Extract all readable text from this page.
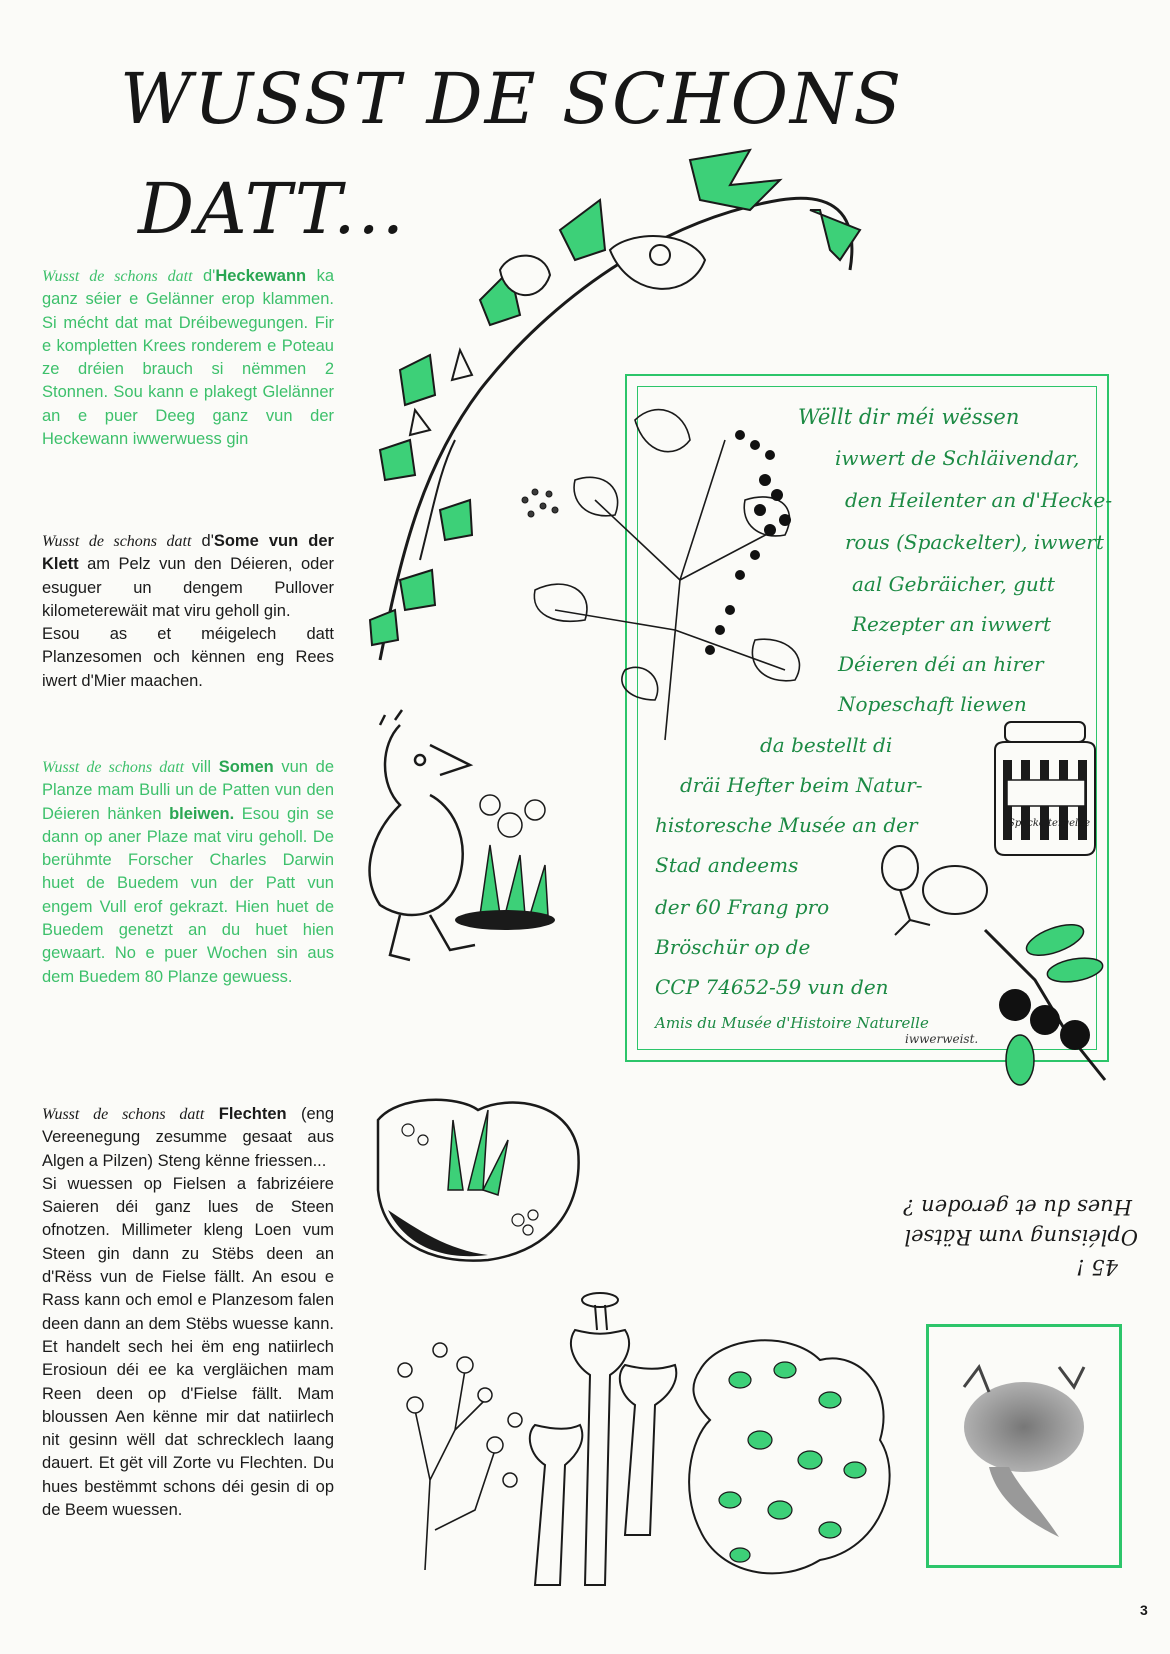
WUSST DE SCHONS
DATT...

Wusst de schons datt d'Heckewann ka ganz séier e Gelänner erop klammen. Si mécht dat mat Dréibewegungen. Fir e kompletten Krees ronderem e Poteau ze dréien brauch si nëmmen 2 Stonnen. Sou kann e plakegt Glelänner an e puer Deeg ganz vun der Heckewann iwwerwuess gin

Wusst de schons datt d'Some vun der Klett am Pelz vun den Déieren, oder esuguer un dengem Pullover kilometerewäit mat viru geholl gin.

Esou as et méigelech datt Planzesomen och kënnen eng Rees iwert d'Mier maachen.

Wusst de schons datt vill Somen vun de Planze mam Bulli un de Patten vun den Déieren hänken bleiwen. Esou gin se dann op aner Plaze mat viru geholl. De berühmte Forscher Charles Darwin huet de Buedem vun der Patt vun engem Vull erof gekrazt. Hien huet de Buedem genetzt an du huet hien gewaart. No e puer Wochen sin aus dem Buedem 80 Planze gewuess.

Wusst de schons datt Flechten (eng Vereenegung zesumme gesaat aus Algen a Pilzen) Steng kënne friessen...

Si wuessen op Fielsen a fabrizéiere Saieren déi ganz lues de Steen ofnotzen. Millimeter kleng Loen vum Steen gin dann zu Stëbs deen an d'Rëss vun de Fielse fällt. An esou e Rass kann och emol e Planzesom falen deen dann an dem Stëbs wuesse kann. Et handelt sech hei ëm eng natiirlech Erosioun déi ee ka vergläichen mam Reen deen op d'Fielse fällt. Mam bloussen Aen kënne mir dat natiirlech nit gesinn wëll dat schrecklech laang dauert. Et gët vill Zorte vu Flechten. Du hues bestëmmt schons déi gesin di op de Beem wuessen.

Wëllt dir méi wëssen
iwwert de Schläivendar,
den Heilenter an d'Hecke-
rous (Spackelter), iwwert
aal Gebräicher, gutt
Rezepter an iwwert
Déieren déi an hirer
Nopeschaft liewen
da bestellt di
dräi Hefter beim Natur-
historesche Musée an der
Stad andeems
der 60 Frang pro
Bröschür op de
CCP 74652-59 vun den
Amis du Musée d'Histoire Naturelle
iwwerweist.
Spackeltergelee
45 !
Opléisung vum Rätsel
Hues du et geroden ?
3
